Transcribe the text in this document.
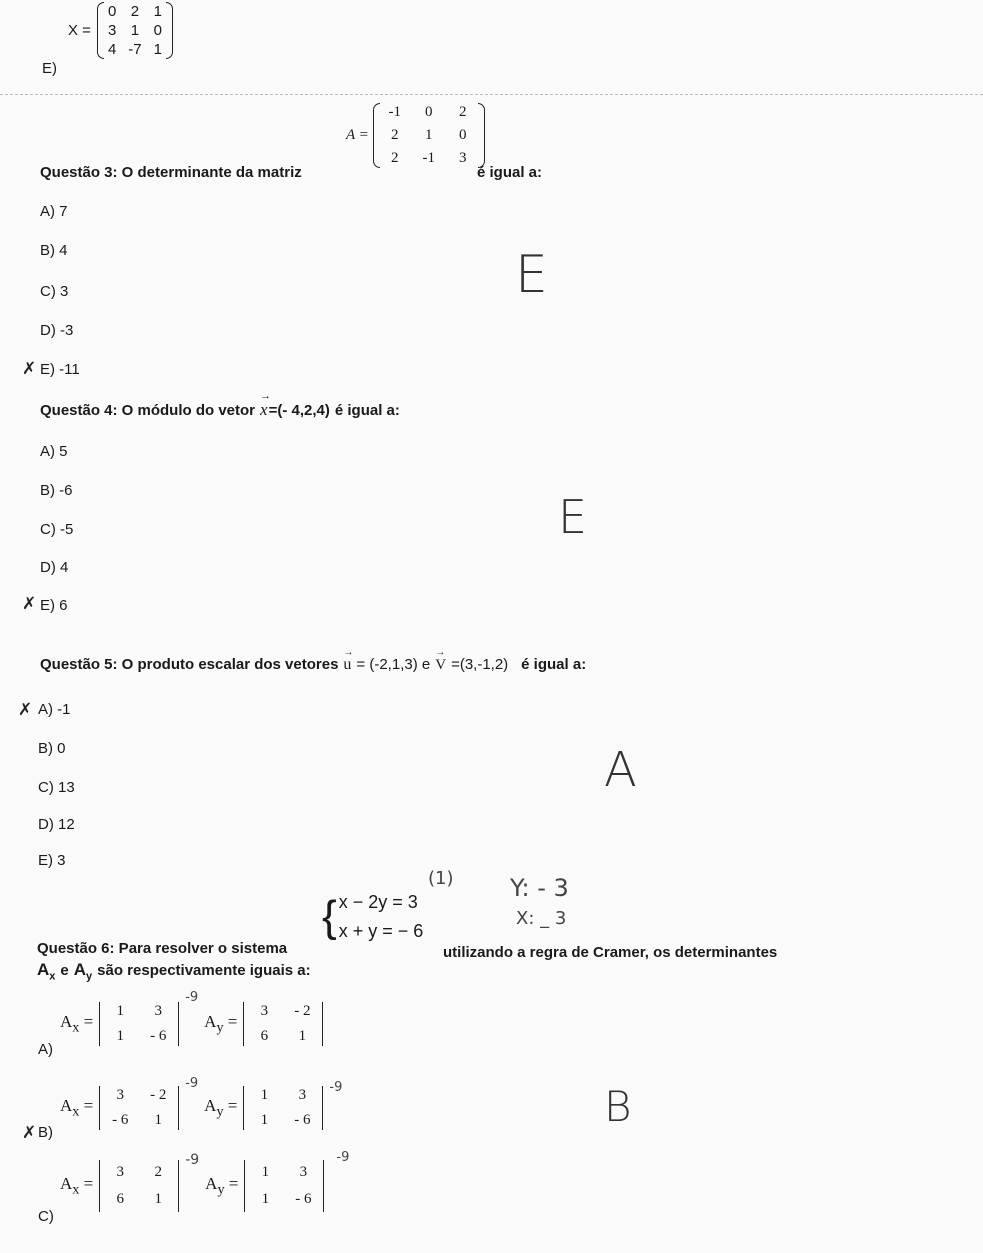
E)
X =
0 2 1
3 1 0
4 -7 1
Questão 3: O determinante da matriz
A =
-1	0	2
2	1	0
2	-1	3
é igual a:
A) 7
B) 4
C) 3
D) -3
✗ E) -11
E
Questão 4: O módulo do vetor
→
x =(- 4,2,4) é igual a:
A) 5
B) -6
C) -5
D) 4
✗ E) 6
E
Questão 5: O produto escalar dos vetores
→
u = (-2,1,3) e
→
V =(3,-1,2) é igual a:
✗ A) -1
B) 0
C) 13
D) 12
E) 3
A
{ x − 2y = 3
x + y = − 6
(1) Y: - 3
X: _ 3
Questão 6: Para resolver o sistema	utilizando a regra de Cramer, os determinantes
$A_x$ e $A_y$ são respectivamente iguais a:
A)
$A_x$ =
1	3
1	- 6
-9
$A_y$ =
3	- 2
6	1
✗ B)
$A_x$ =
3	- 2
- 6	1
-9
$A_y$ =
1	3
1	- 6
-9	B
C)
$A_x$ =
3	2
6	1
-9
$A_y$ =
1	3
1	- 6
-9
